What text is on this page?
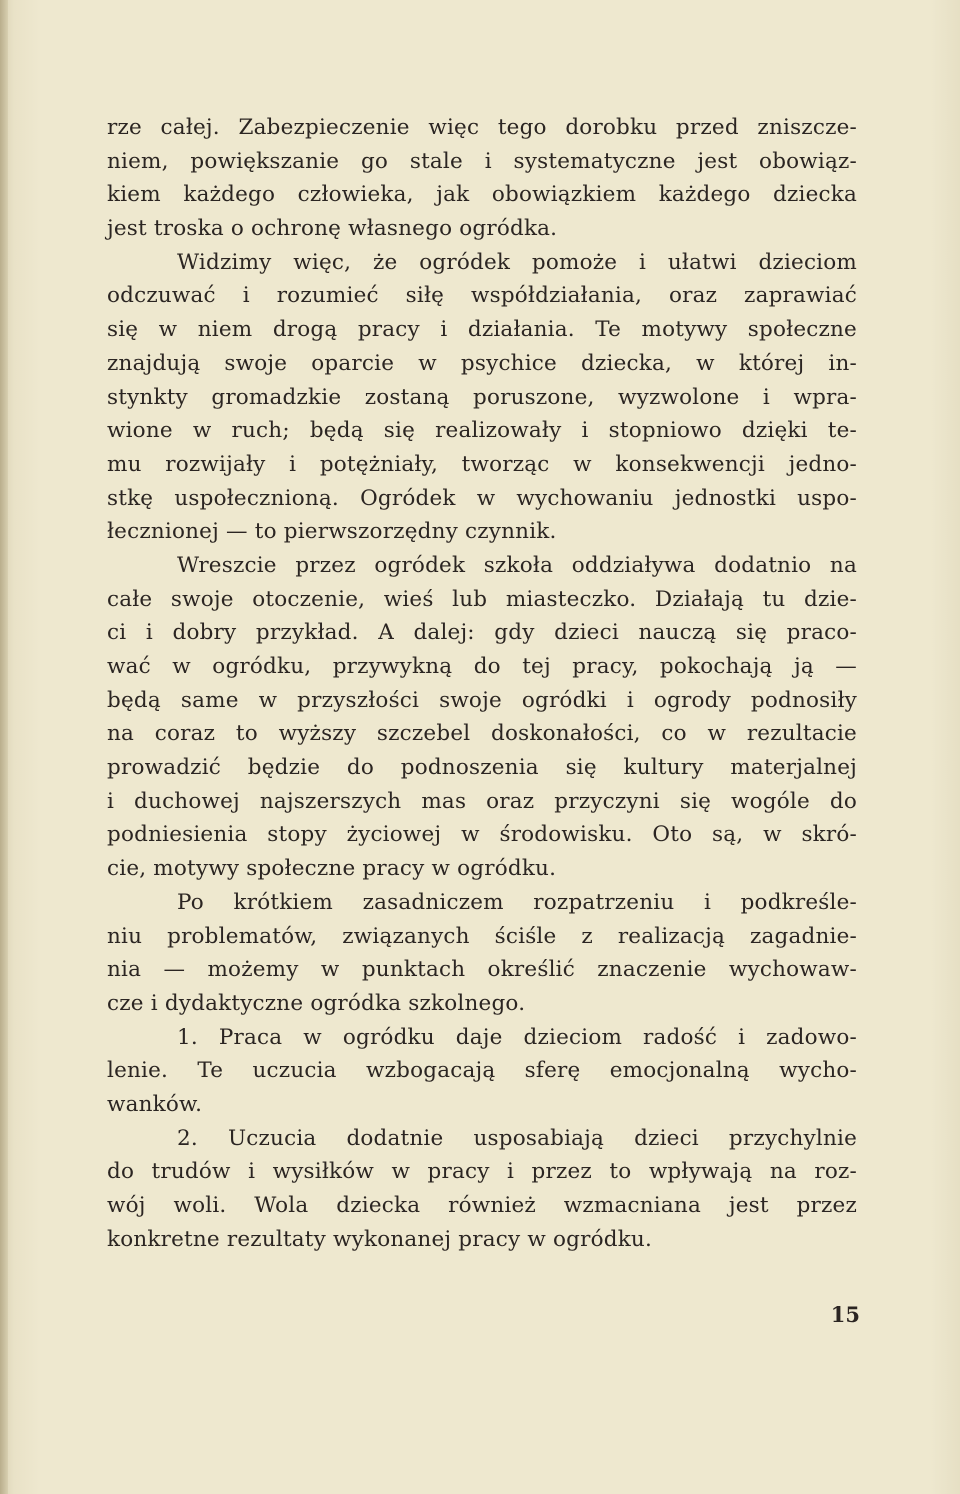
rze całej. Zabezpieczenie więc tego dorobku przed zniszcze-
niem, powiększanie go stale i systematyczne jest obowiąz-
kiem każdego człowieka, jak obowiązkiem każdego dziecka
jest troska o ochronę własnego ogródka.
Widzimy więc, że ogródek pomoże i ułatwi dzieciom
odczuwać i rozumieć siłę współdziałania, oraz zaprawiać
się w niem drogą pracy i działania. Te motywy społeczne
znajdują swoje oparcie w psychice dziecka, w której in-
stynkty gromadzkie zostaną poruszone, wyzwolone i wpra-
wione w ruch; będą się realizowały i stopniowo dzięki te-
mu rozwijały i potężniały, tworząc w konsekwencji jedno-
stkę uspołecznioną. Ogródek w wychowaniu jednostki uspo-
łecznionej — to pierwszorzędny czynnik.
Wreszcie przez ogródek szkoła oddziaływa dodatnio na
całe swoje otoczenie, wieś lub miasteczko. Działają tu dzie-
ci i dobry przykład. A dalej: gdy dzieci nauczą się praco-
wać w ogródku, przywykną do tej pracy, pokochają ją —
będą same w przyszłości swoje ogródki i ogrody podnosiły
na coraz to wyższy szczebel doskonałości, co w rezultacie
prowadzić będzie do podnoszenia się kultury materjalnej
i duchowej najszerszych mas oraz przyczyni się wogóle do
podniesienia stopy życiowej w środowisku. Oto są, w skró-
cie, motywy społeczne pracy w ogródku.
Po krótkiem zasadniczem rozpatrzeniu i podkreśle-
niu problematów, związanych ściśle z realizacją zagadnie-
nia — możemy w punktach określić znaczenie wychowaw-
cze i dydaktyczne ogródka szkolnego.
1. Praca w ogródku daje dzieciom radość i zadowo-
lenie. Te uczucia wzbogacają sferę emocjonalną wycho-
wanków.
2. Uczucia dodatnie usposabiają dzieci przychylnie
do trudów i wysiłków w pracy i przez to wpływają na roz-
wój woli. Wola dziecka również wzmacniana jest przez
konkretne rezultaty wykonanej pracy w ogródku.
15
